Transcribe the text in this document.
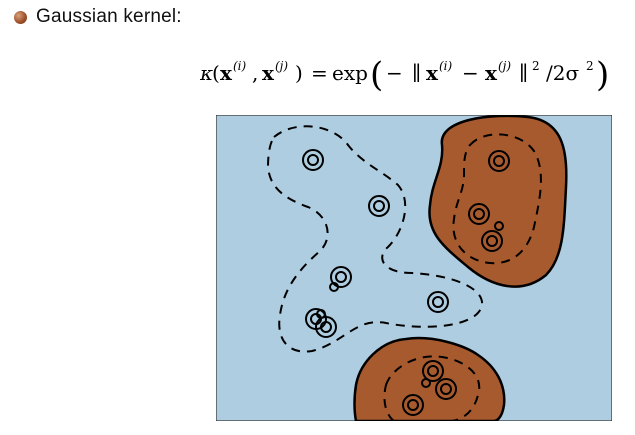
Gaussian kernel:
κ
( x (i) , x (j) ) = exp ( − ∥ x (i) − x (j) ∥ 2 /2σ 2 )
